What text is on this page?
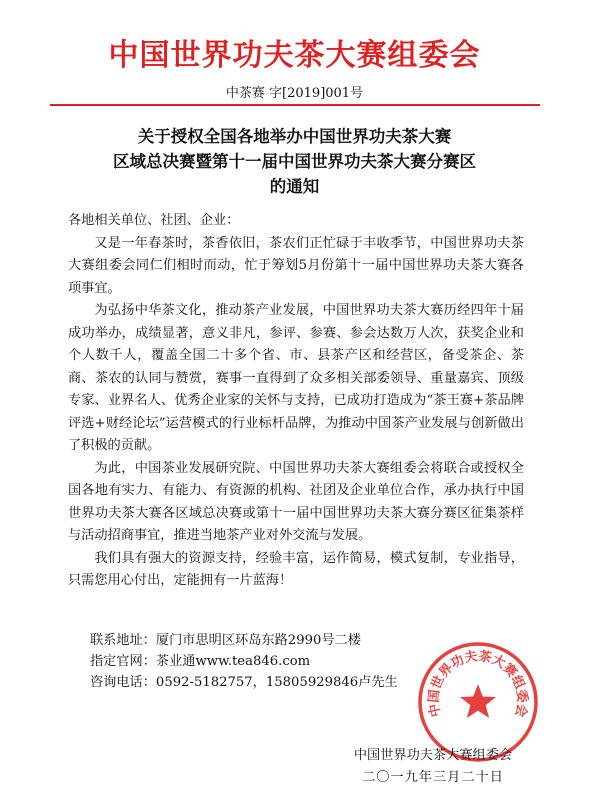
中国世界功夫茶大赛组委会
中茶赛 字[2019]001号
关于授权全国各地举办中国世界功夫茶大赛
区域总决赛暨第十一届中国世界功夫茶大赛分赛区
的通知

各地相关单位、社团、企业：

又是一年春茶时，茶香依旧，茶农们正忙碌于丰收季节，中国世界功夫茶大赛组委会同仁们相时而动，忙于筹划5月份第十一届中国世界功夫茶大赛各项事宜。

为弘扬中华茶文化，推动茶产业发展，中国世界功夫茶大赛历经四年十届成功举办，成绩显著，意义非凡，参评、参赛、参会达数万人次，获奖企业和个人数千人，覆盖全国二十多个省、市、县茶产区和经营区，备受茶企、茶商、茶农的认同与赞赏，赛事一直得到了众多相关部委领导、重量嘉宾、顶级专家、业界名人、优秀企业家的关怀与支持，已成功打造成为“茶王赛+茶品牌评选+财经论坛”运营模式的行业标杆品牌，为推动中国茶产业发展与创新做出了积极的贡献。

为此，中国茶业发展研究院、中国世界功夫茶大赛组委会将联合或授权全国各地有实力、有能力、有资源的机构、社团及企业单位合作，承办执行中国世界功夫茶大赛各区域总决赛或第十一届中国世界功夫茶大赛分赛区征集茶样与活动招商事宜，推进当地茶产业对外交流与发展。

我们具有强大的资源支持，经验丰富，运作简易，模式复制，专业指导，只需您用心付出，定能拥有一片蓝海！

联系地址：厦门市思明区环岛东路2990号二楼
指定官网：茶业通www.tea846.com
咨询电话：0592-5182757，15805929846卢先生
中国世界功夫茶大赛组委会
中国世界功夫茶大赛组委会
二〇一九年三月二十日
